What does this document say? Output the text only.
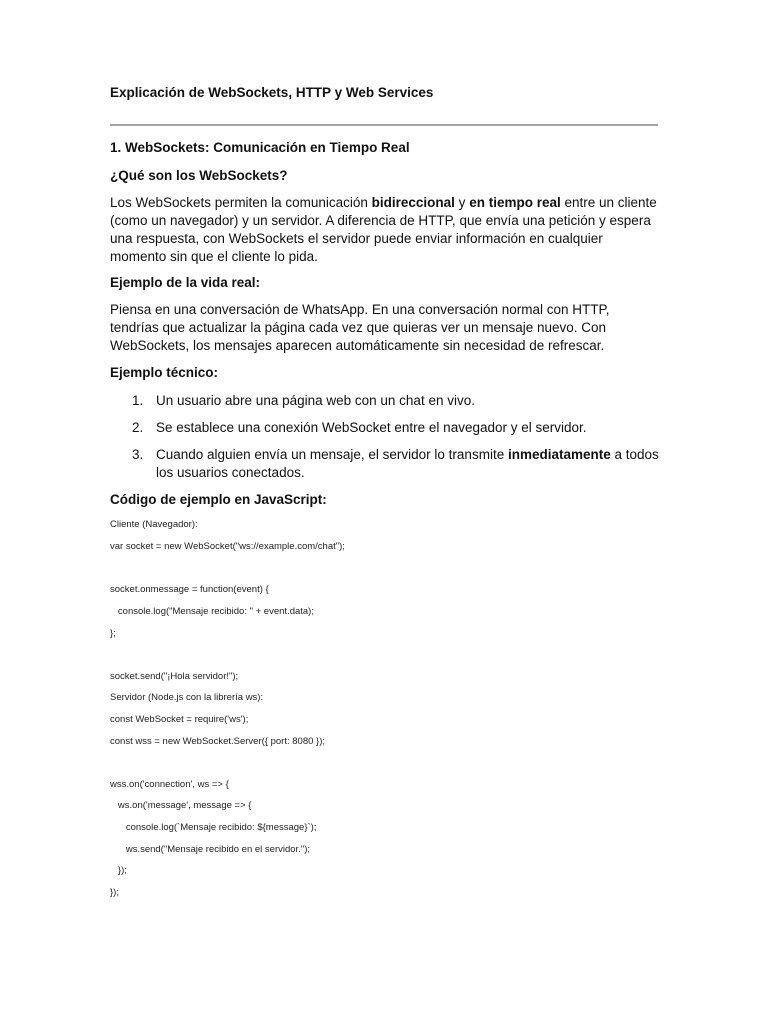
Explicación de WebSockets, HTTP y Web Services
1. WebSockets: Comunicación en Tiempo Real
¿Qué son los WebSockets?
Los WebSockets permiten la comunicación bidireccional y en tiempo real entre un cliente (como un navegador) y un servidor. A diferencia de HTTP, que envía una petición y espera una respuesta, con WebSockets el servidor puede enviar información en cualquier momento sin que el cliente lo pida.
Ejemplo de la vida real:
Piensa en una conversación de WhatsApp. En una conversación normal con HTTP, tendrías que actualizar la página cada vez que quieras ver un mensaje nuevo. Con WebSockets, los mensajes aparecen automáticamente sin necesidad de refrescar.
Ejemplo técnico:
1. Un usuario abre una página web con un chat en vivo.
2. Se establece una conexión WebSocket entre el navegador y el servidor.
3. Cuando alguien envía un mensaje, el servidor lo transmite inmediatamente a todos los usuarios conectados.
Código de ejemplo en JavaScript:
Cliente (Navegador):
var socket = new WebSocket("ws://example.com/chat");
socket.onmessage = function(event) {
console.log("Mensaje recibido: " + event.data);
};
socket.send("¡Hola servidor!");
Servidor (Node.js con la librería ws):
const WebSocket = require('ws');
const wss = new WebSocket.Server({ port: 8080 });
wss.on('connection', ws => {
ws.on('message', message => {
console.log(`Mensaje recibido: ${message}`);
ws.send("Mensaje recibido en el servidor.");
});
});
